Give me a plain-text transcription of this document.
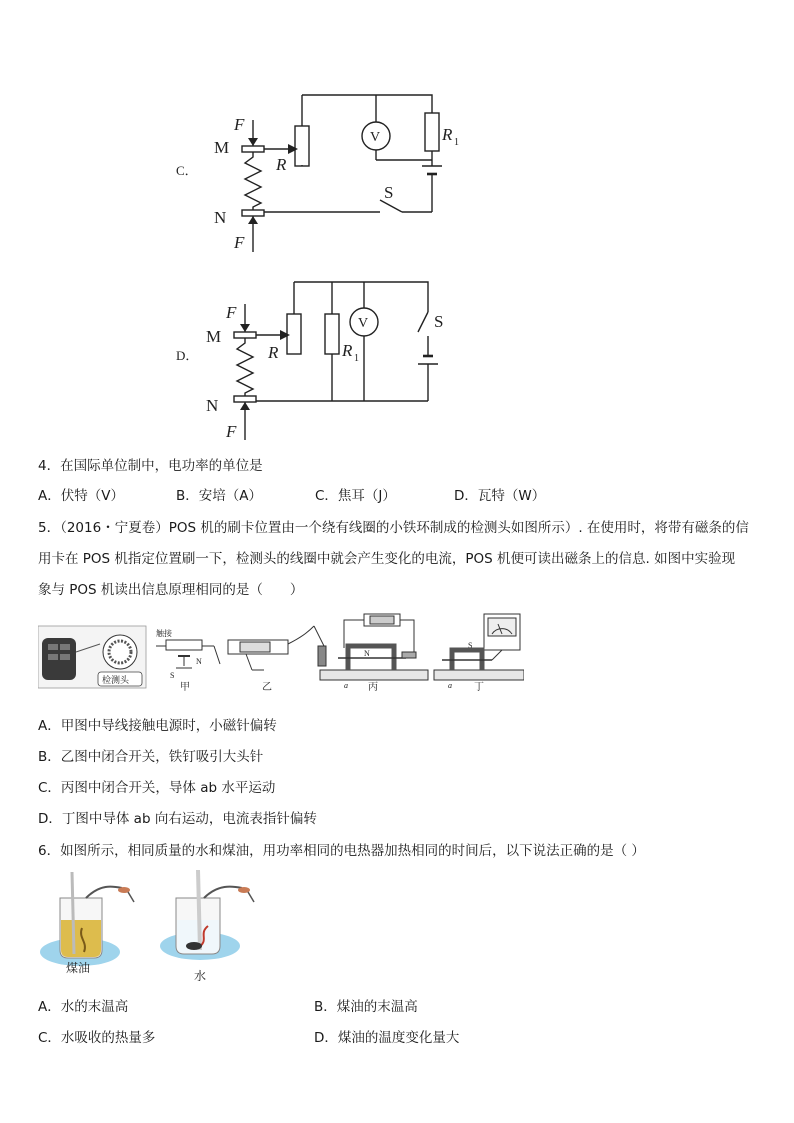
C．
F
M
R
N
F
V	R 1
S
D．
F
M
R
N
F
V
R 1
S
4．在国际单位制中，电功率的单位是
A．伏特（V）	B．安培（A）	C．焦耳（J）	D．瓦特（W）
5．（2016・宁夏卷）POS 机的刷卡位置由一个绕有线圈的小铁环制成的检测头如图所示）. 在使用时，将带有磁条的信
用卡在 POS 机指定位置刷一下，检测头的线圈中就会产生变化的电流，POS 机便可读出磁条上的信息. 如图中实验现
象与 POS 机读出信息原理相同的是（　　）
检测头
触接
N
S
甲	乙
N
a 丙
S
a 丁
A．甲图中导线接触电源时，小磁针偏转
B．乙图中闭合开关，铁钉吸引大头针
C．丙图中闭合开关，导体 ab 水平运动
D．丁图中导体 ab 向右运动，电流表指针偏转
6．如图所示，相同质量的水和煤油，用功率相同的电热器加热相同的时间后，以下说法正确的是（ ）
煤油
水
A．水的末温高	B．煤油的末温高
C．水吸收的热量多	D．煤油的温度变化量大
